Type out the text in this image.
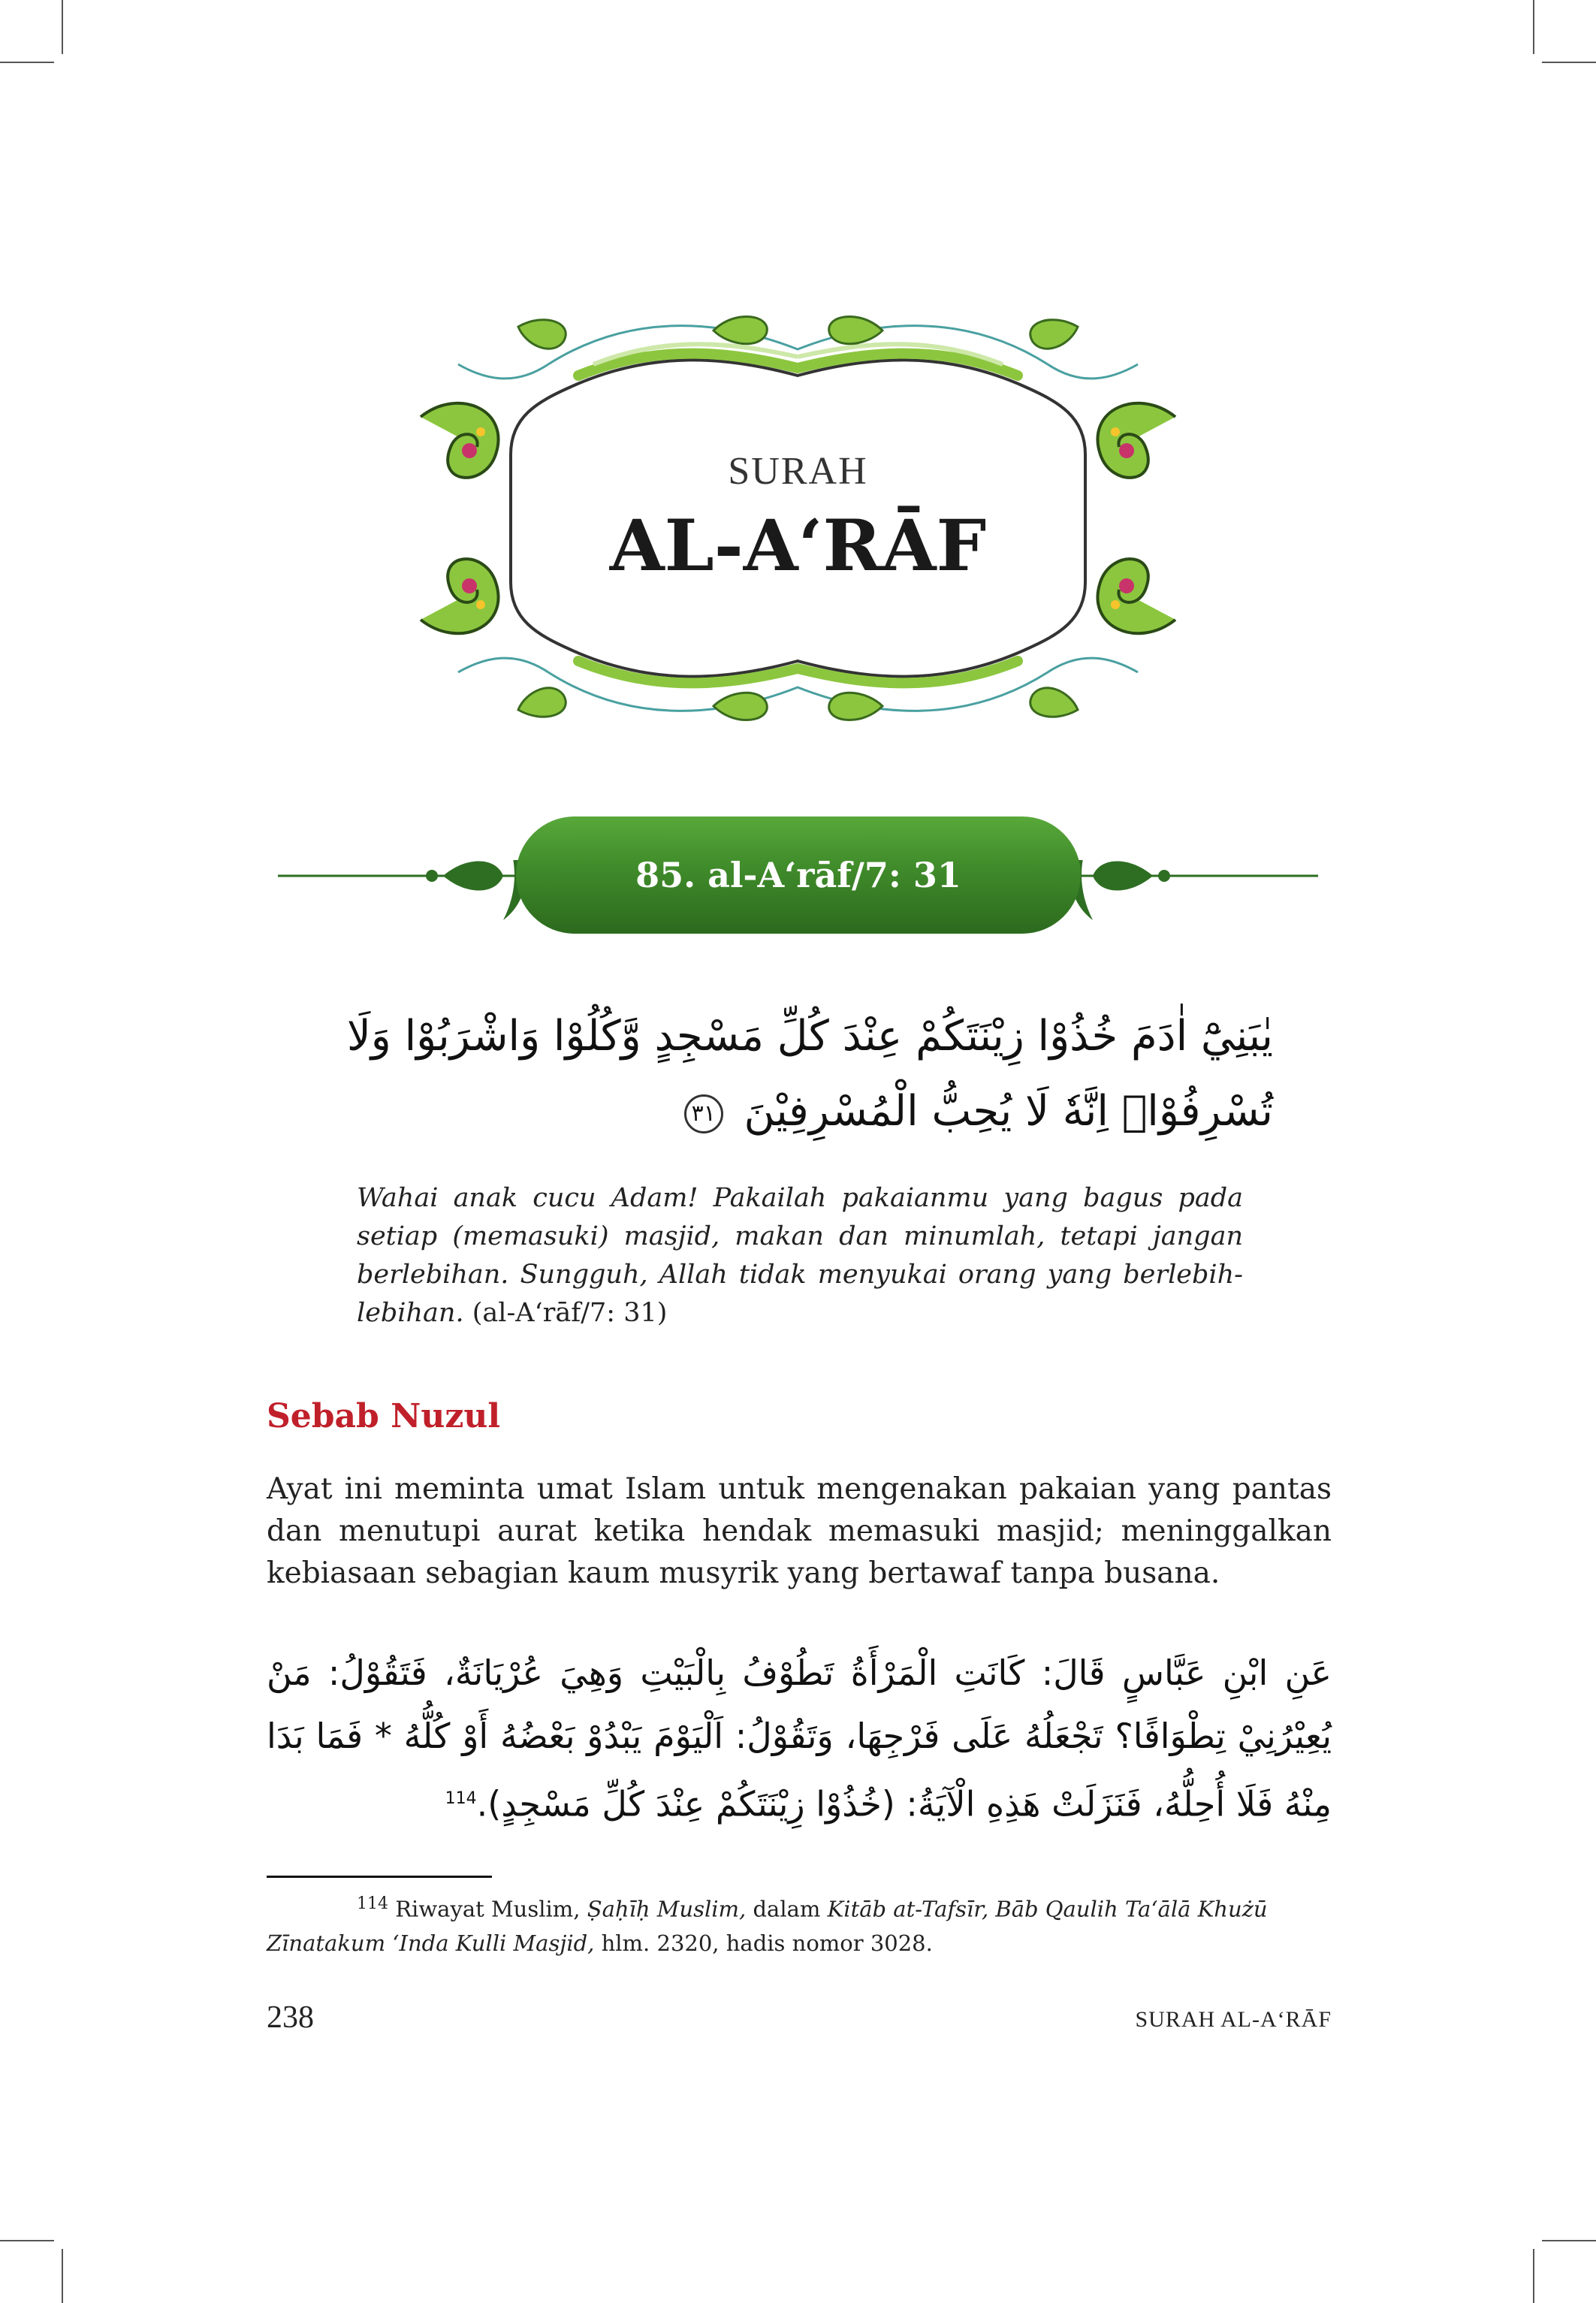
SURAH
AL-A‘RĀF
85. al-A‘rāf/7: 31
يٰبَنِيْٓ اٰدَمَ خُذُوْا زِيْنَتَكُمْ عِنْدَ كُلِّ مَسْجِدٍ وَّكُلُوْا وَاشْرَبُوْا وَلَا تُسْرِفُوْاۚ اِنَّهٗ لَا يُحِبُّ الْمُسْرِفِيْنَ ٣١
Wahai anak cucu Adam! Pakailah pakaianmu yang bagus pada setiap (memasuki) masjid, makan dan minumlah, tetapi jangan berlebihan. Sungguh, Allah tidak menyukai orang yang berlebih-lebihan. (al-A‘rāf/7: 31)
Sebab Nuzul
Ayat ini meminta umat Islam untuk mengenakan pakaian yang pantas dan menutupi aurat ketika hendak memasuki masjid; meninggalkan kebiasaan sebagian kaum musyrik yang bertawaf tanpa busana.
عَنِ ابْنِ عَبَّاسٍ قَالَ: كَانَتِ الْمَرْأَةُ تَطُوْفُ بِالْبَيْتِ وَهِيَ عُرْيَانَةٌ، فَتَقُوْلُ: مَنْ يُعِيْرُنِيْ تِطْوَافًا؟ تَجْعَلُهُ عَلَى فَرْجِهَا، وَتَقُوْلُ: اَلْيَوْمَ يَبْدُوْ بَعْضُهُ أَوْ كُلُّهُ * فَمَا بَدَا مِنْهُ فَلَا أُحِلُّهُ، فَنَزَلَتْ هَذِهِ الْآيَةُ: (خُذُوْا زِيْنَتَكُمْ عِنْدَ كُلِّ مَسْجِدٍ).$^{114}$
$^{114}$ Riwayat Muslim, Ṣaḥīḥ Muslim, dalam Kitāb at-Tafsīr, Bāb Qaulih Ta‘ālā Khużū Zīnatakum ‘Inda Kulli Masjid, hlm. 2320, hadis nomor 3028.
238	SURAH AL-A‘RĀF
